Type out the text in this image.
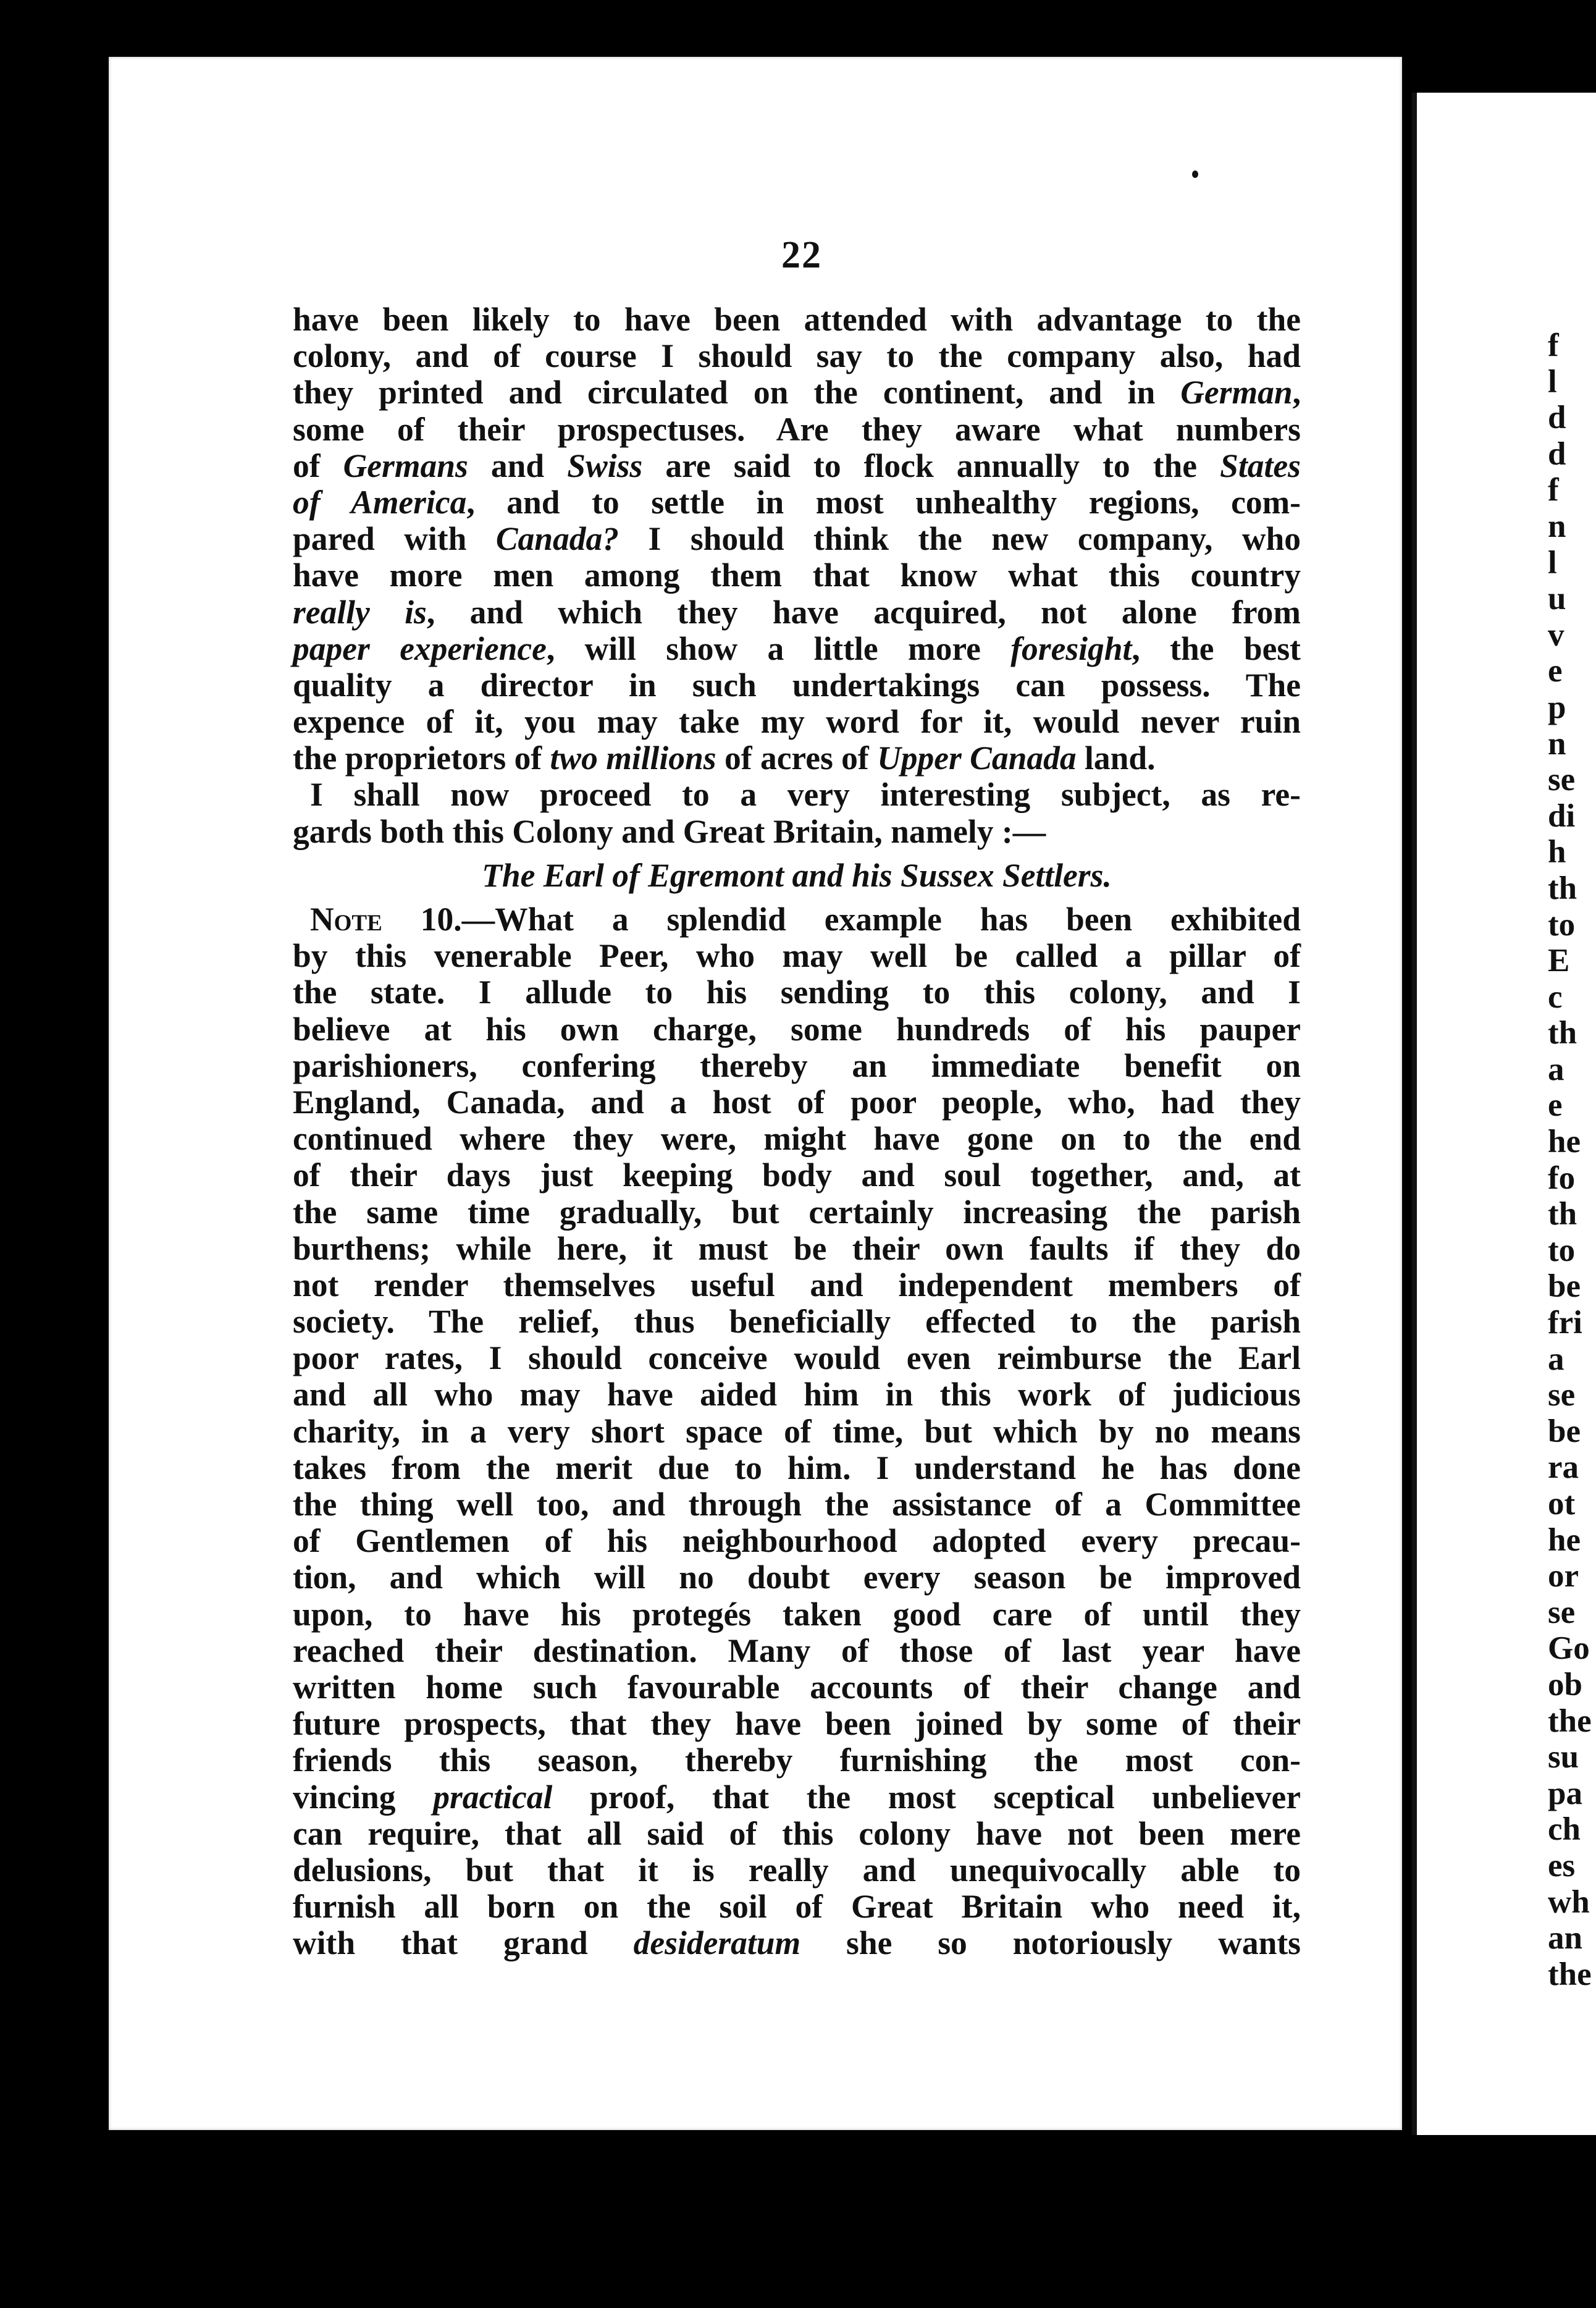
22
have been likely to have been attended with advantage to the
colony, and of course I should say to the company also, had
they printed and circulated on the continent, and in German,
some of their prospectuses. Are they aware what numbers
of Germans and Swiss are said to flock annually to the States
of America, and to settle in most unhealthy regions, com-
pared with Canada? I should think the new company, who
have more men among them that know what this country
really is, and which they have acquired, not alone from
paper experience, will show a little more foresight, the best
quality a director in such undertakings can possess. The
expence of it, you may take my word for it, would never ruin
the proprietors of two millions of acres of Upper Canada land.
I shall now proceed to a very interesting subject, as re-
gards both this Colony and Great Britain, namely :—
The Earl of Egremont and his Sussex Settlers.
Note 10.—What a splendid example has been exhibited
by this venerable Peer, who may well be called a pillar of
the state. I allude to his sending to this colony, and I
believe at his own charge, some hundreds of his pauper
parishioners, confering thereby an immediate benefit on
England, Canada, and a host of poor people, who, had they
continued where they were, might have gone on to the end
of their days just keeping body and soul together, and, at
the same time gradually, but certainly increasing the parish
burthens; while here, it must be their own faults if they do
not render themselves useful and independent members of
society. The relief, thus beneficially effected to the parish
poor rates, I should conceive would even reimburse the Earl
and all who may have aided him in this work of judicious
charity, in a very short space of time, but which by no means
takes from the merit due to him. I understand he has done
the thing well too, and through the assistance of a Committee
of Gentlemen of his neighbourhood adopted every precau-
tion, and which will no doubt every season be improved
upon, to have his protegés taken good care of until they
reached their destination. Many of those of last year have
written home such favourable accounts of their change and
future prospects, that they have been joined by some of their
friends this season, thereby furnishing the most con-
vincing practical proof, that the most sceptical unbeliever
can require, that all said of this colony have not been mere
delusions, but that it is really and unequivocally able to
furnish all born on the soil of Great Britain who need it,
with that grand desideratum she so notoriously wants
f
l
d
d
f
n
l
u
v
e
p
n
se
di
h
th
to
E
c
th
a
e
he
fo
th
to
be
fri
a
se
be
ra
ot
he
or
se
Go
ob
the
su
pa
ch
es
wh
an
the
